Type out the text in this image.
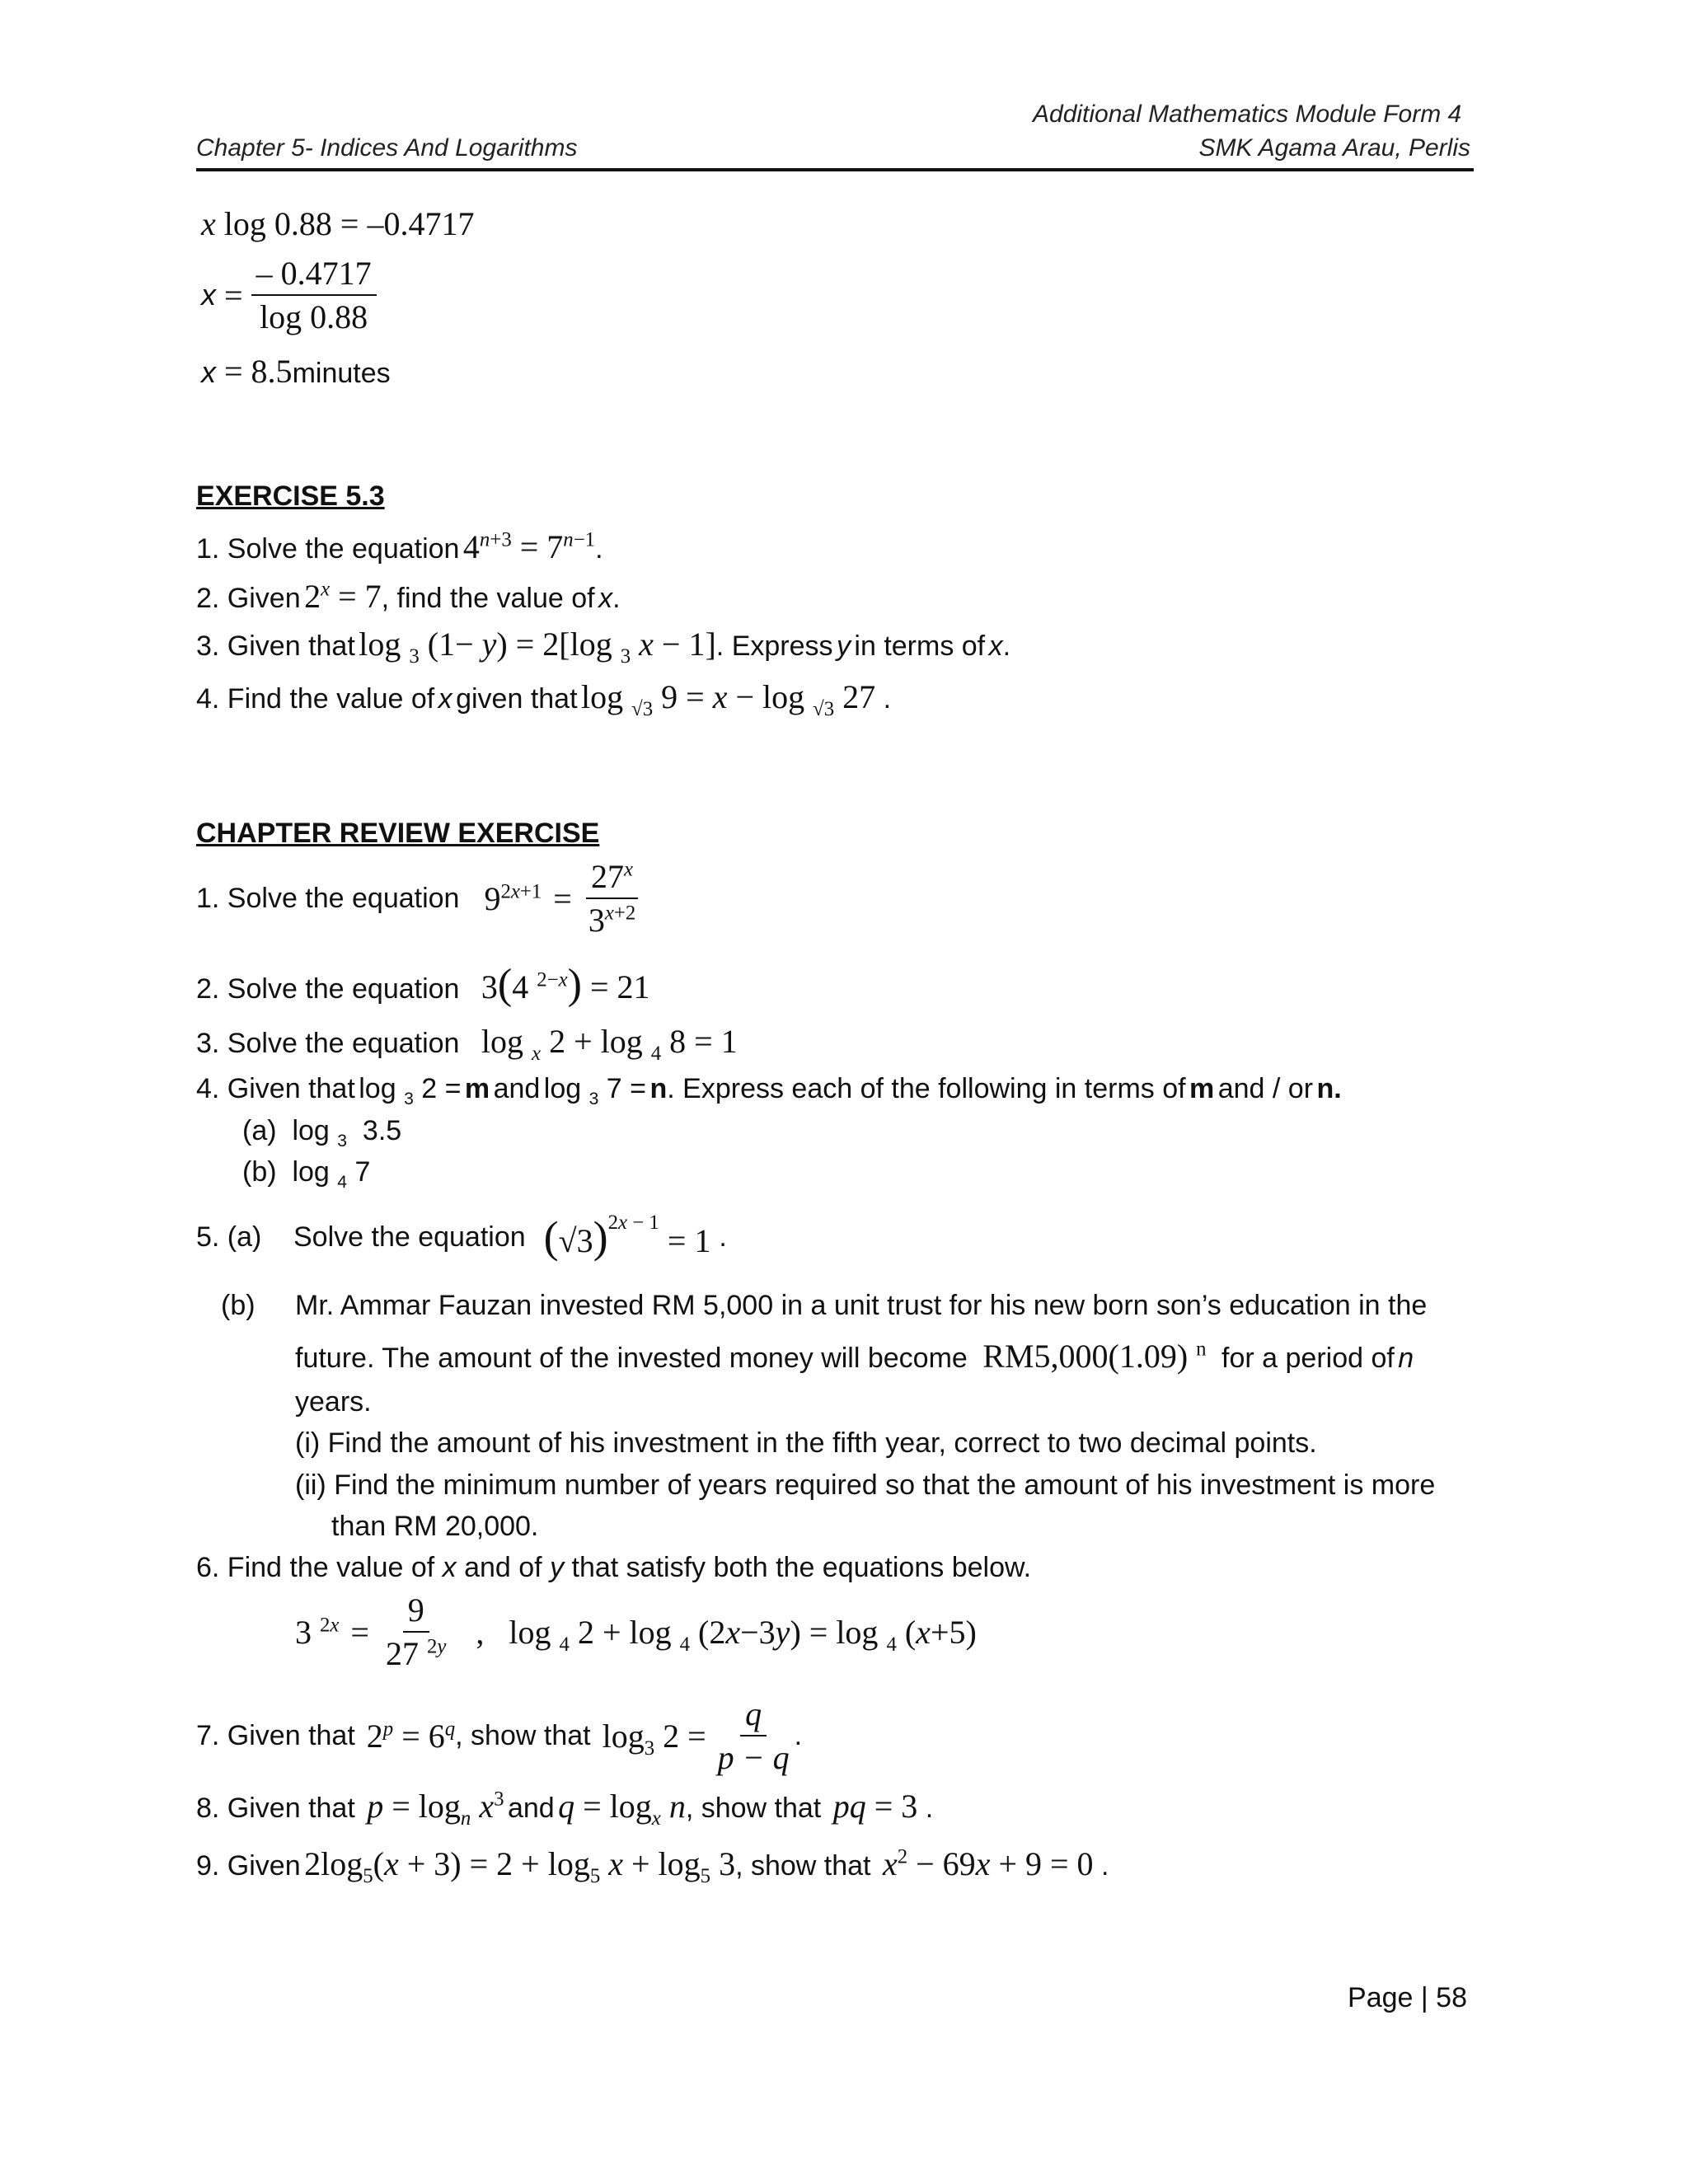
Additional Mathematics Module Form 4
Chapter 5- Indices And Logarithms	SMK Agama Arau, Perlis
x log 0.88 = –0.4717
$x = \frac{- 0.4717}{\log 0.88}$
x = 8.5minutes
EXERCISE 5.3
1. Solve the equation $4^{n+3} = 7^{n-1}$.
2. Given $2^x = 7$, find the value of x.
3. Given that log $_3$ (1− y) = 2[log $_3$ x − 1]. Express y in terms of x.
4. Find the value of x given that log $_{√3}$ 9 = x − log $_{√3}$ 27 .
CHAPTER REVIEW EXERCISE
1. Solve the equation $9^{2x+1} = \frac{27^x}{3^{x+2}}$
2. Solve the equation 3(4 $^{2-x}$) = 21
3. Solve the equation log $_x$ 2 + log $_4$ 8 = 1
4. Given that log $_3$ 2 = m and log $_3$ 7 = n. Express each of the following in terms of m and / or n.
(a)  log $_3$  3.5
(b)  log $_4$ 7
5. (a)	Solve the equation $(√3)^{2x - 1} = 1$ .
(b) Mr. Ammar Fauzan invested RM 5,000 in a unit trust for his new born son’s education in the
future. The amount of the invested money will become RM5,000(1.09) $^n$ for a period of n
years.
(i) Find the amount of his investment in the fifth year, correct to two decimal points.
(ii) Find the minimum number of years required so that the amount of his investment is more
than RM 20,000.
6. Find the value of x and of y that satisfy both the equations below.
3 $^{2x} = \frac{9}{27 ^{2y}}$ , log $_4$ 2 + log $_4$ (2x−3y) = log $_4$ (x+5)
7. Given that $2^p = 6^q$ , show that $\log_3 2 = \frac{q}{p - q}$ .
8. Given that $p = \log_n x^3$ and $q = \log_x n$, show that pq = 3 .
9. Given $2\log_5(x + 3) = 2 + \log_5 x + \log_5 3$, show that $x^2 - 69x + 9 = 0$ .
Page | 58
